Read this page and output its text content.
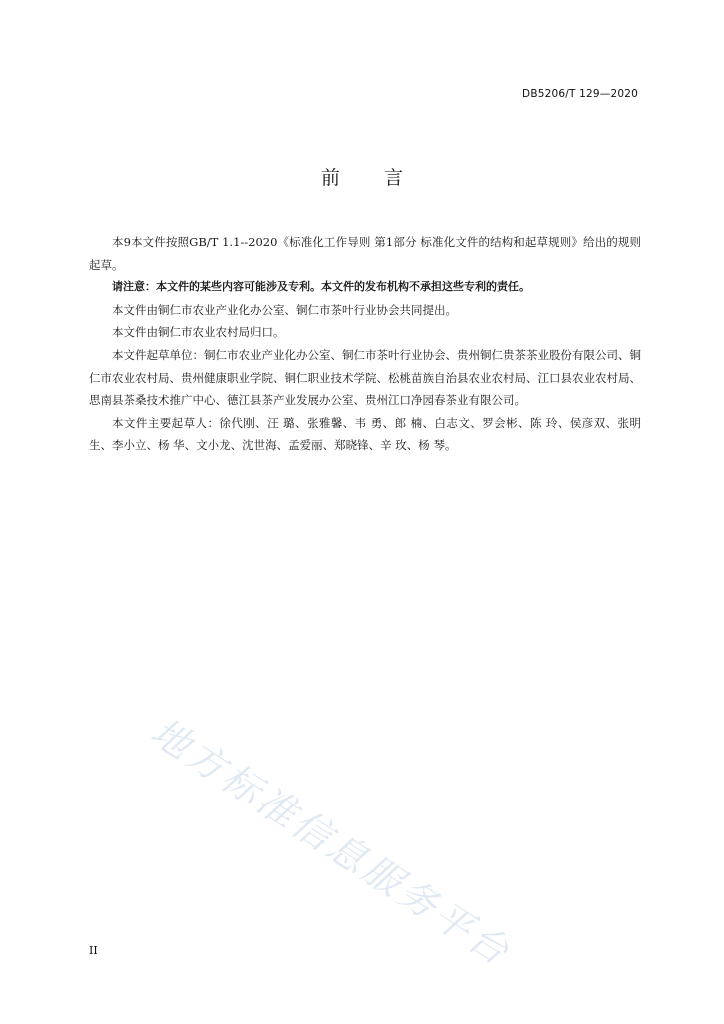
DB5206/T 129—2020
前言

本9本文件按照GB/T 1.1--2020《标准化工作导则 第1部分 标准化文件的结构和起草规则》给出的规则起草。

请注意：本文件的某些内容可能涉及专利。本文件的发布机构不承担这些专利的责任。

本文件由铜仁市农业产业化办公室、铜仁市茶叶行业协会共同提出。

本文件由铜仁市农业农村局归口。

本文件起草单位：铜仁市农业产业化办公室、铜仁市茶叶行业协会、贵州铜仁贵茶茶业股份有限公司、铜仁市农业农村局、贵州健康职业学院、铜仁职业技术学院、松桃苗族自治县农业农村局、江口县农业农村局、思南县茶桑技术推广中心、德江县茶产业发展办公室、贵州江口净园春茶业有限公司。

本文件主要起草人：徐代刚、汪 璐、张雅馨、韦 勇、郎 楠、白志文、罗会彬、陈 玲、侯彦双、张明生、李小立、杨 华、文小龙、沈世海、孟爱丽、郑晓锋、辛 玫、杨 琴。

地方标准信息服务平台
II
